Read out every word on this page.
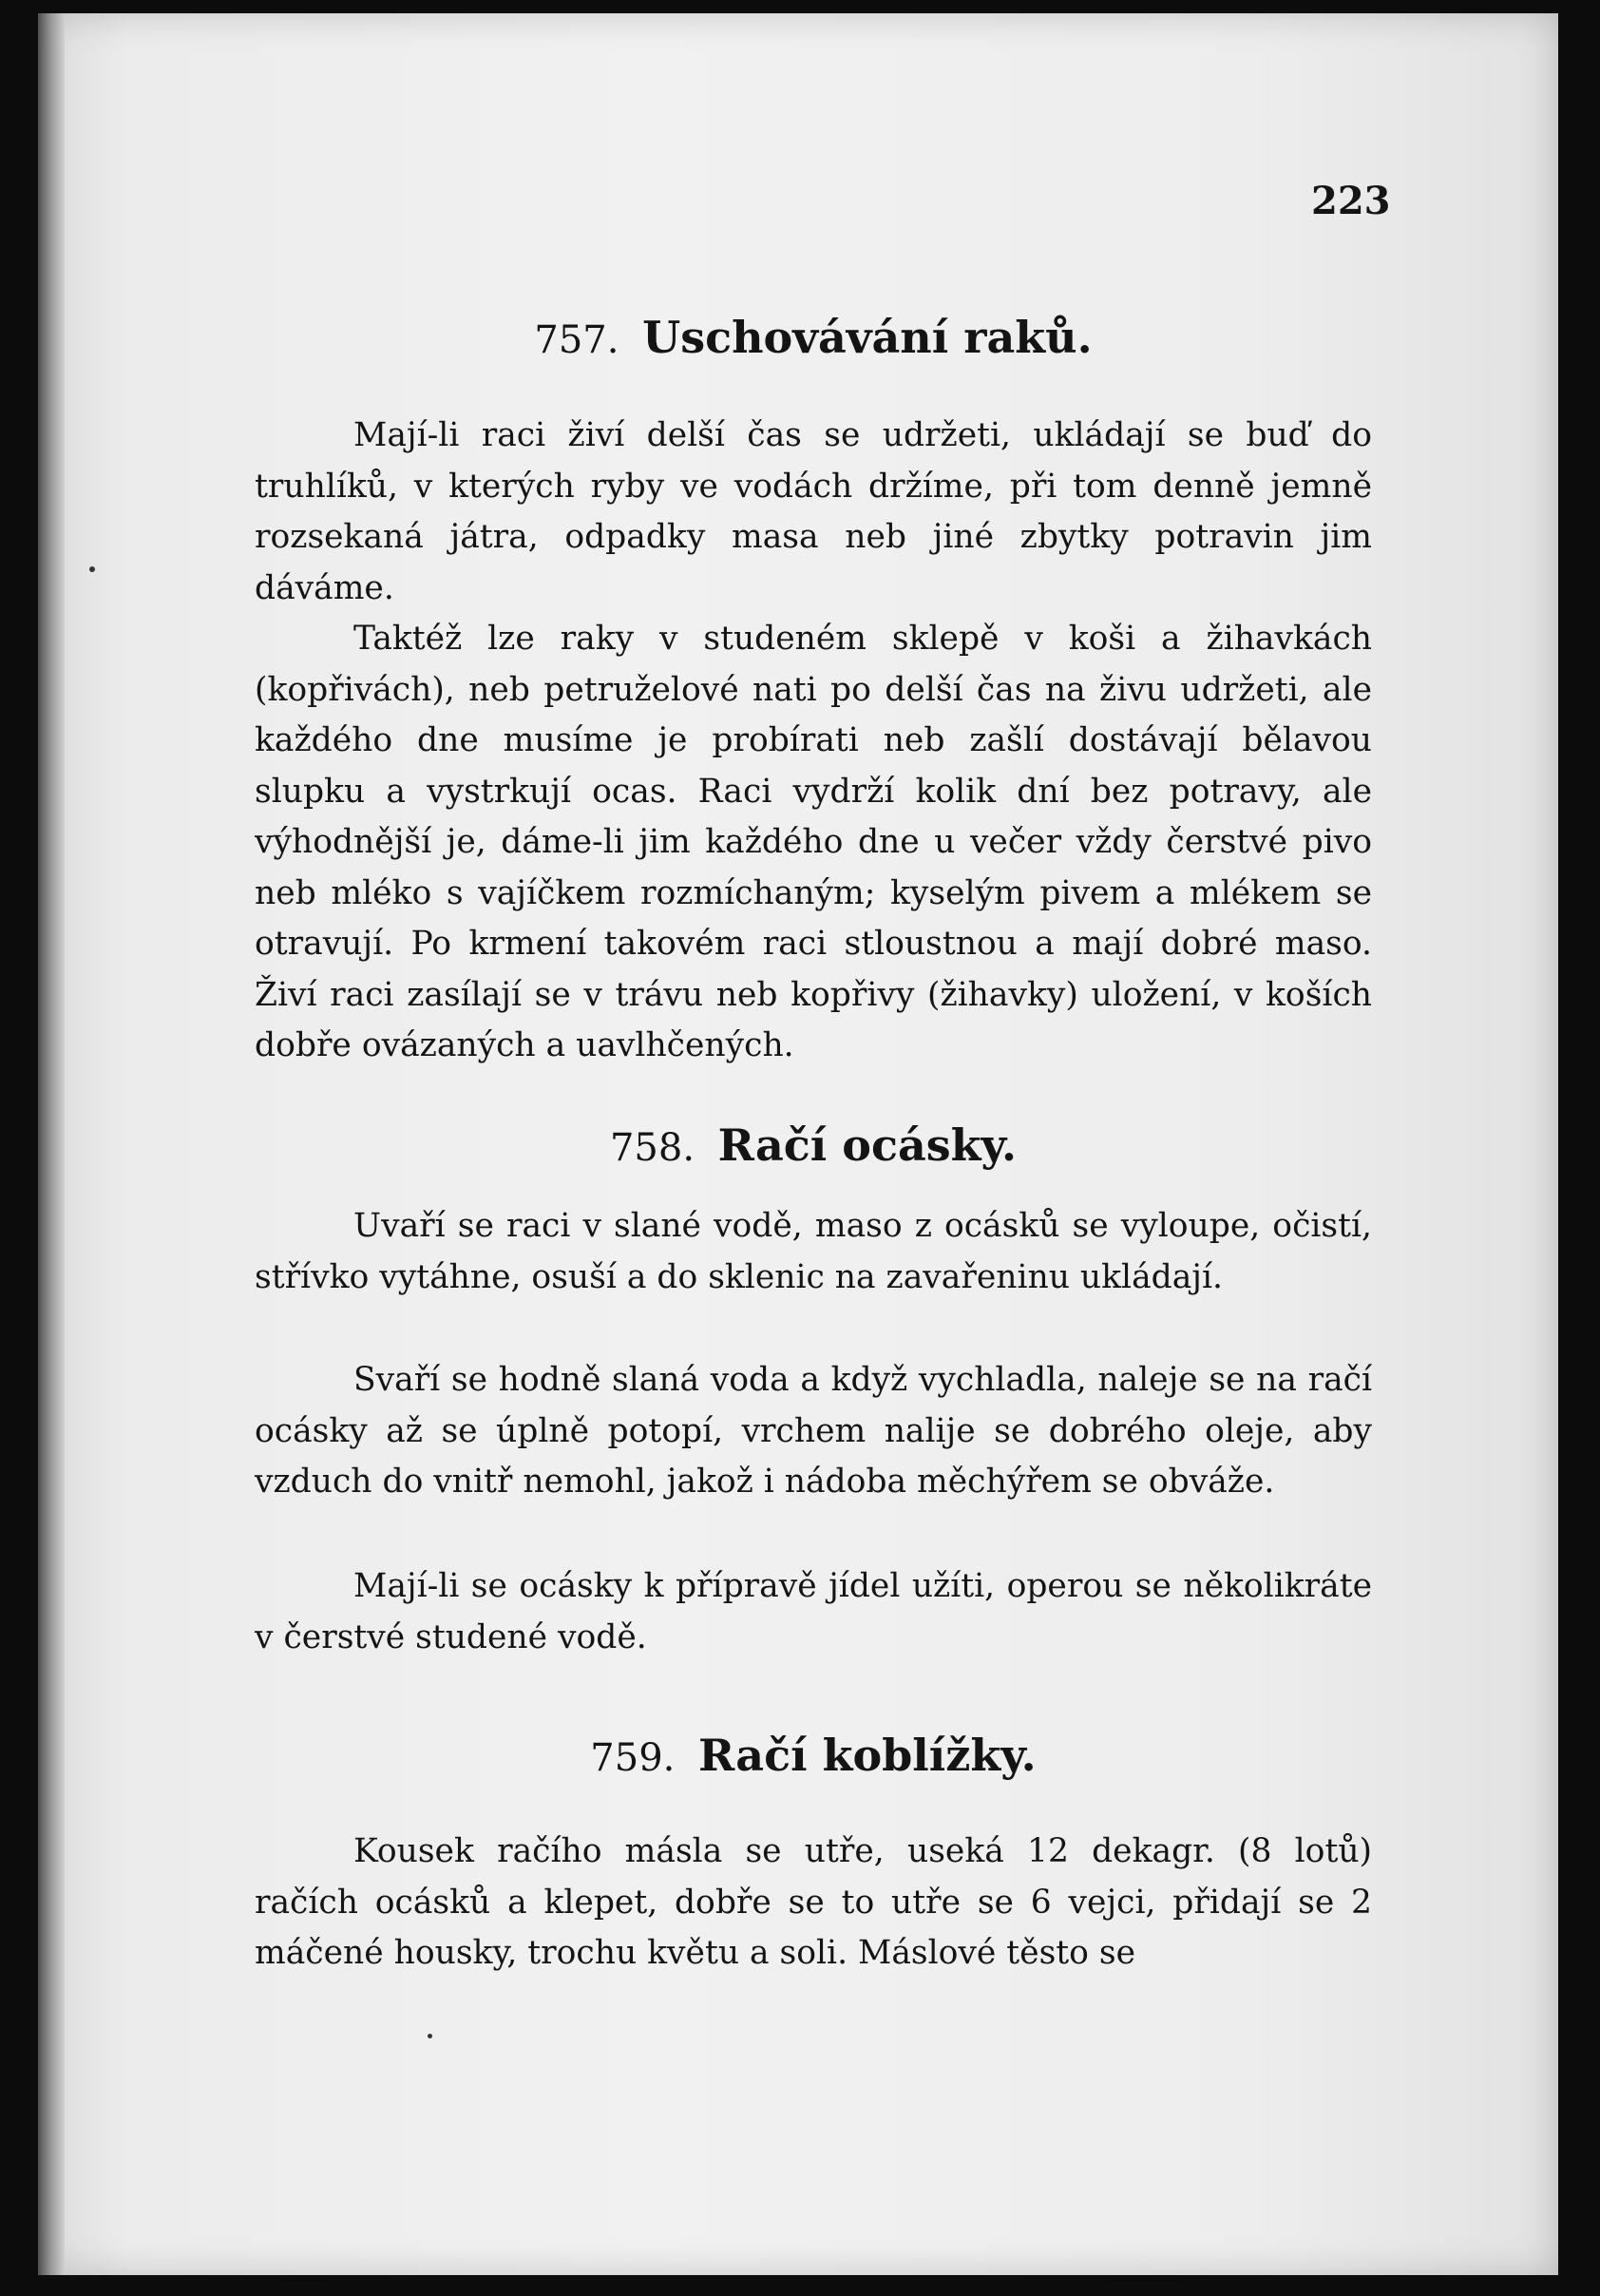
223
757. Uschovávání raků.

Mají-li raci živí delší čas se udržeti, ukládají se buď do truhlíků, v kterých ryby ve vodách držíme, při tom denně jemně rozsekaná játra, odpadky masa neb jiné zbytky potravin jim dáváme.

Taktéž lze raky v studeném sklepě v koši a žihavkách (kopřivách), neb petruželové nati po delší čas na živu udržeti, ale každého dne musíme je probírati neb zašlí dostávají bělavou slupku a vystrkují ocas. Raci vydrží kolik dní bez potravy, ale výhodnější je, dáme-li jim každého dne u večer vždy čerstvé pivo neb mléko s vajíčkem rozmíchaným; kyselým pivem a mlékem se otravují. Po krmení takovém raci stloustnou a mají dobré maso. Živí raci zasílají se v trávu neb kopřivy (žihavky) uložení, v koších dobře ovázaných a uavlhčených.

758. Račí ocásky.

Uvaří se raci v slané vodě, maso z ocásků se vyloupe, očistí, střívko vytáhne, osuší a do sklenic na zavařeninu ukládají.

Svaří se hodně slaná voda a když vychladla, naleje se na račí ocásky až se úplně potopí, vrchem nalije se dobrého oleje, aby vzduch do vnitř nemohl, jakož i nádoba měchýřem se obváže.

Mají-li se ocásky k přípravě jídel užíti, operou se několikráte v čerstvé studené vodě.

759. Račí koblížky.

Kousek račího másla se utře, useká 12 dekagr. (8 lotů) račích ocásků a klepet, dobře se to utře se 6 vejci, přidají se 2 máčené housky, trochu květu a soli. Máslové těsto se
